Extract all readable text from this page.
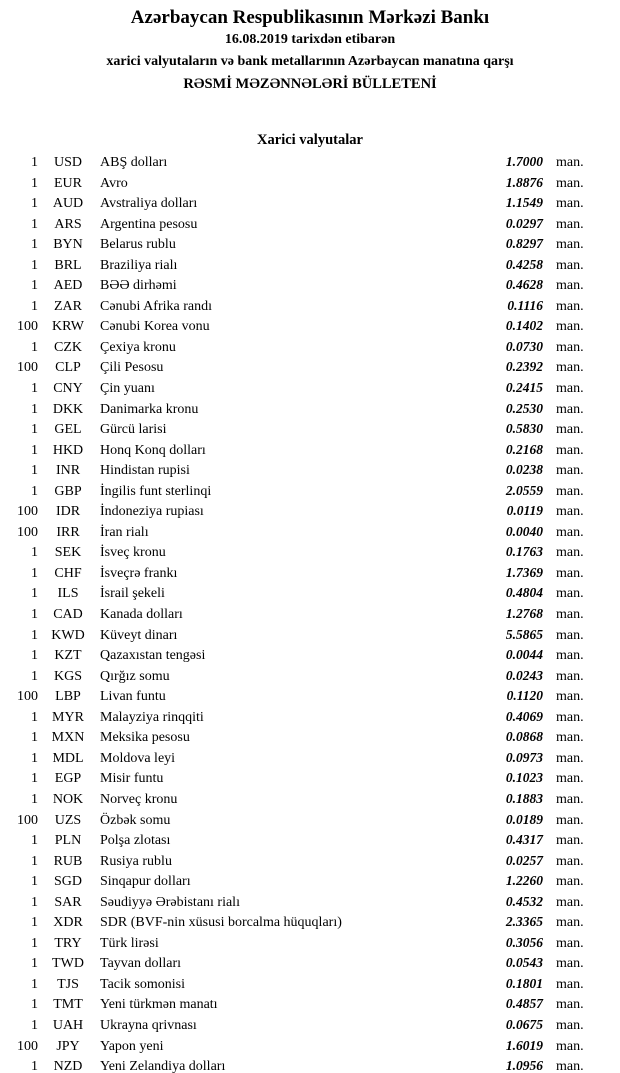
Azərbaycan Respublikasının Mərkəzi Bankı
16.08.2019 tarixdən etibarən
xarici valyutaların və bank metallarının Azərbaycan manatına qarşı
RƏSMİ MƏZƏNNƏLƏRİ BÜLLETENİ
Xarici valyutalar
1	USD	ABŞ dolları	1.7000 man.
1	EUR	Avro	1.8876 man.
1	AUD	Avstraliya dolları	1.1549 man.
1	ARS	Argentina pesosu	0.0297 man.
1	BYN	Belarus rublu	0.8297 man.
1	BRL	Braziliya rialı	0.4258 man.
1	AED	BƏƏ dirhəmi	0.4628 man.
1	ZAR	Cənubi Afrika randı	0.1116 man.
100	KRW	Cənubi Korea vonu	0.1402 man.
1	CZK	Çexiya kronu	0.0730 man.
100	CLP	Çili Pesosu	0.2392 man.
1	CNY	Çin yuanı	0.2415 man.
1	DKK	Danimarka kronu	0.2530 man.
1	GEL	Gürcü larisi	0.5830 man.
1	HKD	Honq Konq dolları	0.2168 man.
1	INR	Hindistan rupisi	0.0238 man.
1	GBP	İngilis funt sterlinqi	2.0559 man.
100	IDR	İndoneziya rupiası	0.0119 man.
100	IRR	İran rialı	0.0040 man.
1	SEK	İsveç kronu	0.1763 man.
1	CHF	İsveçrə frankı	1.7369 man.
1	ILS	İsrail şekeli	0.4804 man.
1	CAD	Kanada dolları	1.2768 man.
1 KWD	Küveyt dinarı	5.5865 man.
1	KZT	Qazaxıstan tengəsi	0.0044 man.
1	KGS	Qırğız somu	0.0243 man.
100	LBP	Livan funtu	0.1120 man.
1	MYR	Malayziya rinqqiti	0.4069 man.
1 MXN	Meksika pesosu	0.0868 man.
1	MDL	Moldova leyi	0.0973 man.
1	EGP	Misir funtu	0.1023 man.
1	NOK	Norveç kronu	0.1883 man.
100	UZS	Özbək somu	0.0189 man.
1	PLN	Polşa zlotası	0.4317 man.
1	RUB	Rusiya rublu	0.0257 man.
1	SGD	Sinqapur dolları	1.2260 man.
1	SAR	Səudiyyə Ərəbistanı rialı	0.4532 man.
1	XDR	SDR (BVF-nin xüsusi borcalma hüquqları)	2.3365 man.
1	TRY	Türk lirəsi	0.3056 man.
1	TWD	Tayvan dolları	0.0543 man.
1	TJS	Tacik somonisi	0.1801 man.
1	TMT	Yeni türkmən manatı	0.4857 man.
1	UAH	Ukrayna qrivnası	0.0675 man.
100	JPY	Yapon yeni	1.6019 man.
1	NZD	Yeni Zelandiya dolları	1.0956 man.
